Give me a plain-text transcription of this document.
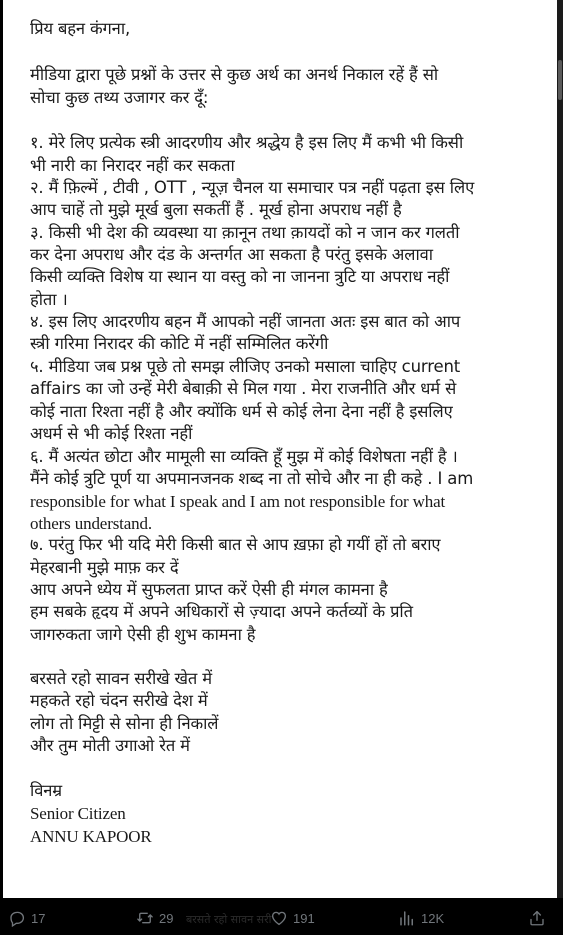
प्रिय बहन कंगना,
मीडिया द्वारा पूछे प्रश्नों के उत्तर से कुछ अर्थ का अनर्थ निकाल रहें हैं सो
सोचा कुछ तथ्य उजागर कर दूँ:
१. मेरे लिए प्रत्येक स्त्री आदरणीय और श्रद्धेय है इस लिए मैं कभी भी किसी
भी नारी का निरादर नहीं कर सकता
२. मैं फ़िल्में , टीवी , OTT , न्यूज़ चैनल या समाचार पत्र नहीं पढ़ता इस लिए
आप चाहें तो मुझे मूर्ख बुला सकतीं हैं . मूर्ख होना अपराध नहीं है
३. किसी भी देश की व्यवस्था या क़ानून तथा क़ायदों को न जान कर गलती
कर देना अपराध और दंड के अन्तर्गत आ सकता है परंतु इसके अलावा
किसी व्यक्ति विशेष या स्थान या वस्तु को ना जानना त्रुटि या अपराध नहीं
होता ।
४. इस लिए आदरणीय बहन मैं आपको नहीं जानता अतः इस बात को आप
स्त्री गरिमा निरादर की कोटि में नहीं सम्मिलित करेंगी
५. मीडिया जब प्रश्न पूछे तो समझ लीजिए उनको मसाला चाहिए current
affairs का जो उन्हें मेरी बेबाक़ी से मिल गया . मेरा राजनीति और धर्म से
कोई नाता रिश्ता नहीं है और क्योंकि धर्म से कोई लेना देना नहीं है इसलिए
अधर्म से भी कोई रिश्ता नहीं
६. मैं अत्यंत छोटा और मामूली सा व्यक्ति हूँ मुझ में कोई विशेषता नहीं है ।
मैंने कोई त्रुटि पूर्ण या अपमानजनक शब्द ना तो सोचे और ना ही कहे . I am
responsible for what I speak and I am not responsible for what
others understand.
७. परंतु फिर भी यदि मेरी किसी बात से आप ख़फ़ा हो गयीं हों तो बराए
मेहरबानी मुझे माफ़ कर दें
आप अपने ध्येय में सुफलता प्राप्त करें ऐसी ही मंगल कामना है
हम सबके हृदय में अपने अधिकारों से ज़्यादा अपने कर्तव्यों के प्रति
जागरुकता जागे ऐसी ही शुभ कामना है
बरसते रहो सावन सरीखे खेत में
महकते रहो चंदन सरीखे देश में
लोग तो मिट्टी से सोना ही निकालें
और तुम मोती उगाओ रेत में
विनम्र
Senior Citizen
ANNU KAPOOR
बरसते रहो सावन सरी
17	29	191	12K
